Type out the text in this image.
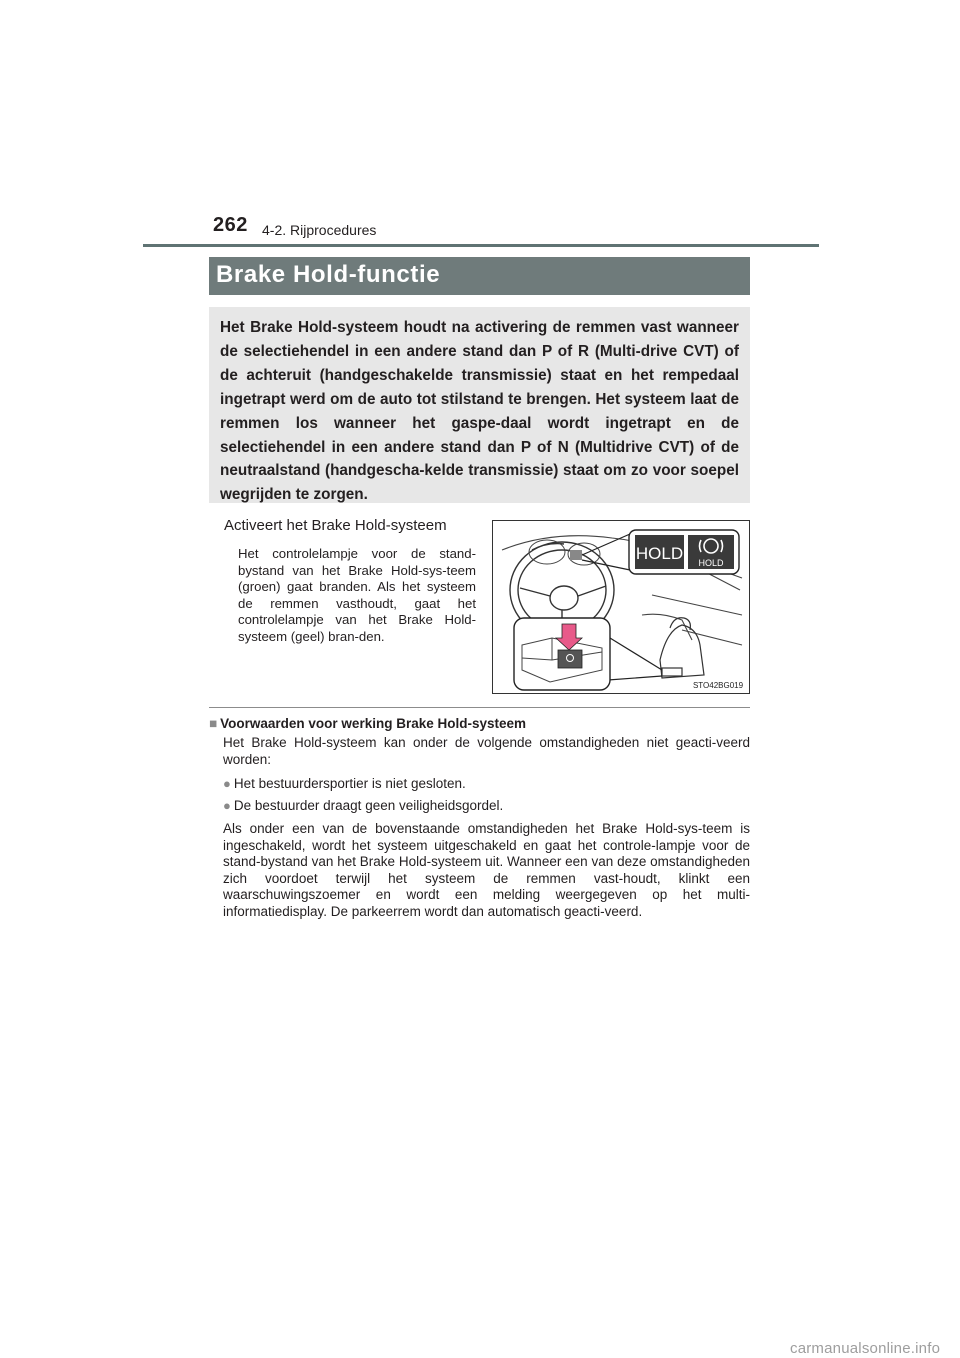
262 4-2. Rijprocedures
Brake Hold-functie
Het Brake Hold-systeem houdt na activering de remmen vast wanneer de selectiehendel in een andere stand dan P of R (Multi-drive CVT) of de achteruit (handgeschakelde transmissie) staat en het rempedaal ingetrapt werd om de auto tot stilstand te brengen. Het systeem laat de remmen los wanneer het gaspe-daal wordt ingetrapt en de selectiehendel in een andere stand dan P of N (Multidrive CVT) of de neutraalstand (handgescha-kelde transmissie) staat om zo voor soepel wegrijden te zorgen.
Activeert het Brake Hold-systeem
Het controlelampje voor de stand-bystand van het Brake Hold-sys-teem (groen) gaat branden. Als het systeem de remmen vasthoudt, gaat het controlelampje van het Brake Hold-systeem (geel) bran-den.
HOLD HOLD
STO42BG019
■ Voorwaarden voor werking Brake Hold-systeem
Het Brake Hold-systeem kan onder de volgende omstandigheden niet geacti-veerd worden:
● Het bestuurdersportier is niet gesloten.
● De bestuurder draagt geen veiligheidsgordel.
Als onder een van de bovenstaande omstandigheden het Brake Hold-sys-teem is ingeschakeld, wordt het systeem uitgeschakeld en gaat het controle-lampje voor de stand-bystand van het Brake Hold-systeem uit. Wanneer een van deze omstandigheden zich voordoet terwijl het systeem de remmen vast-houdt, klinkt een waarschuwingszoemer en wordt een melding weergegeven op het multi-informatiedisplay. De parkeerrem wordt dan automatisch geacti-veerd.
carmanualsonline.info
